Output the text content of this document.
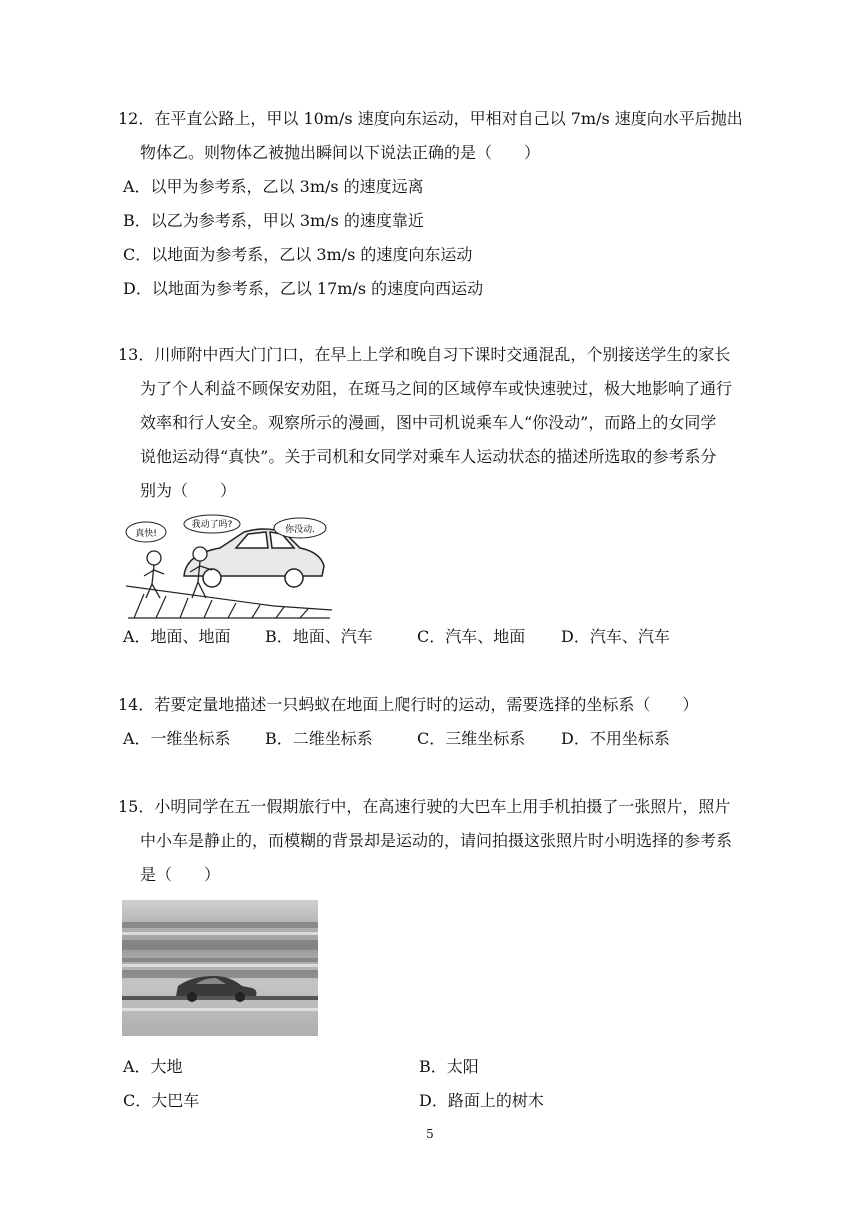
12．在平直公路上，甲以 10m/s 速度向东运动，甲相对自己以 7m/s 速度向水平后抛出

物体乙。则物体乙被抛出瞬间以下说法正确的是（　　）

A．以甲为参考系，乙以 3m/s 的速度远离

B．以乙为参考系，甲以 3m/s 的速度靠近

C．以地面为参考系，乙以 3m/s 的速度向东运动

D．以地面为参考系，乙以 17m/s 的速度向西运动

13．川师附中西大门门口，在早上上学和晚自习下课时交通混乱，个别接送学生的家长

为了个人利益不顾保安劝阻，在斑马之间的区域停车或快速驶过，极大地影响了通行

效率和行人安全。观察所示的漫画，图中司机说乘车人“你没动”，而路上的女同学

说他运动得“真快”。关于司机和女同学对乘车人运动状态的描述所选取的参考系分

别为（　　）

真快!
我动了吗?	你没动.
A．地面、地面	B．地面、汽车	C．汽车、地面	D．汽车、汽车

14．若要定量地描述一只蚂蚁在地面上爬行时的运动，需要选择的坐标系（　　）

A．一维坐标系	B．二维坐标系	C．三维坐标系	D．不用坐标系

15．小明同学在五一假期旅行中，在高速行驶的大巴车上用手机拍摄了一张照片，照片

中小车是静止的，而模糊的背景却是运动的，请问拍摄这张照片时小明选择的参考系

是（　　）

A．大地	B．太阳
C．大巴车	D．路面上的树木
5
